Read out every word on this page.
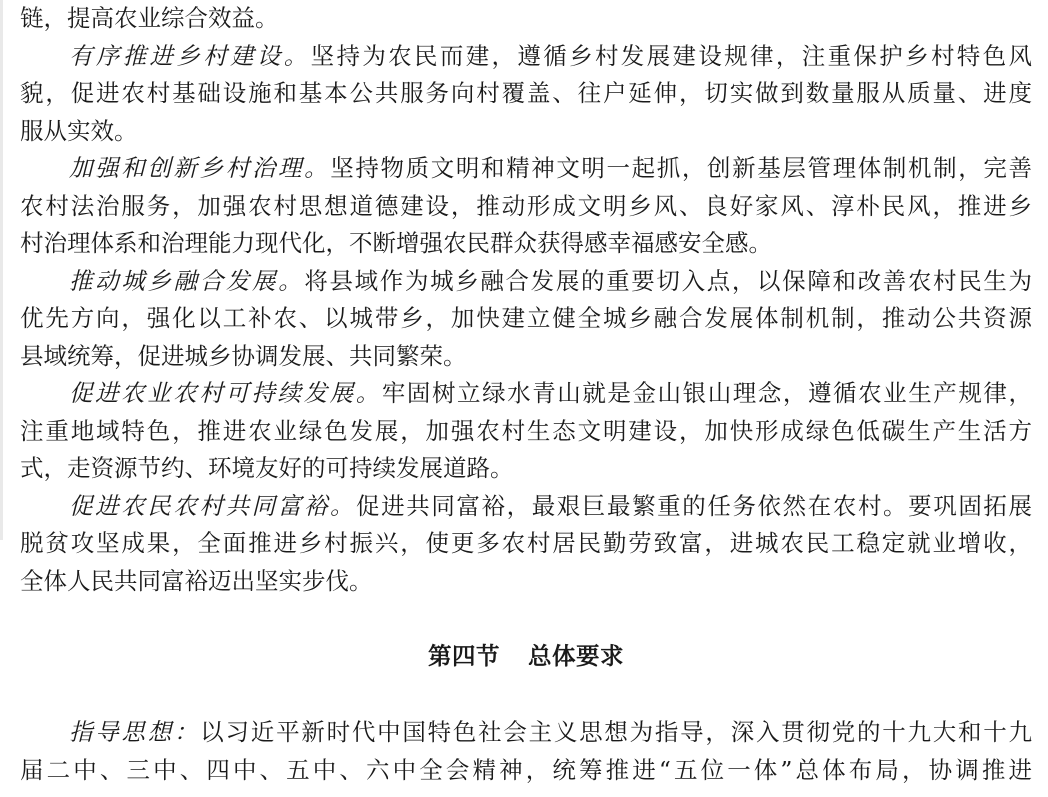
链，提高农业综合效益。
有序推进乡村建设。坚持为农民而建，遵循乡村发展建设规律，注重保护乡村特色风
貌，促进农村基础设施和基本公共服务向村覆盖、往户延伸，切实做到数量服从质量、进度
服从实效。
加强和创新乡村治理。坚持物质文明和精神文明一起抓，创新基层管理体制机制，完善
农村法治服务，加强农村思想道德建设，推动形成文明乡风、良好家风、淳朴民风，推进乡
村治理体系和治理能力现代化，不断增强农民群众获得感幸福感安全感。
推动城乡融合发展。将县域作为城乡融合发展的重要切入点，以保障和改善农村民生为
优先方向，强化以工补农、以城带乡，加快建立健全城乡融合发展体制机制，推动公共资源
县域统筹，促进城乡协调发展、共同繁荣。
促进农业农村可持续发展。牢固树立绿水青山就是金山银山理念，遵循农业生产规律，
注重地域特色，推进农业绿色发展，加强农村生态文明建设，加快形成绿色低碳生产生活方
式，走资源节约、环境友好的可持续发展道路。
促进农民农村共同富裕。促进共同富裕，最艰巨最繁重的任务依然在农村。要巩固拓展
脱贫攻坚成果，全面推进乡村振兴，使更多农村居民勤劳致富，进城农民工稳定就业增收，
全体人民共同富裕迈出坚实步伐。
第四节 总体要求
指导思想：以习近平新时代中国特色社会主义思想为指导，深入贯彻党的十九大和十九
届二中、三中、四中、五中、六中全会精神，统筹推进“五位一体”总体布局，协调推进
